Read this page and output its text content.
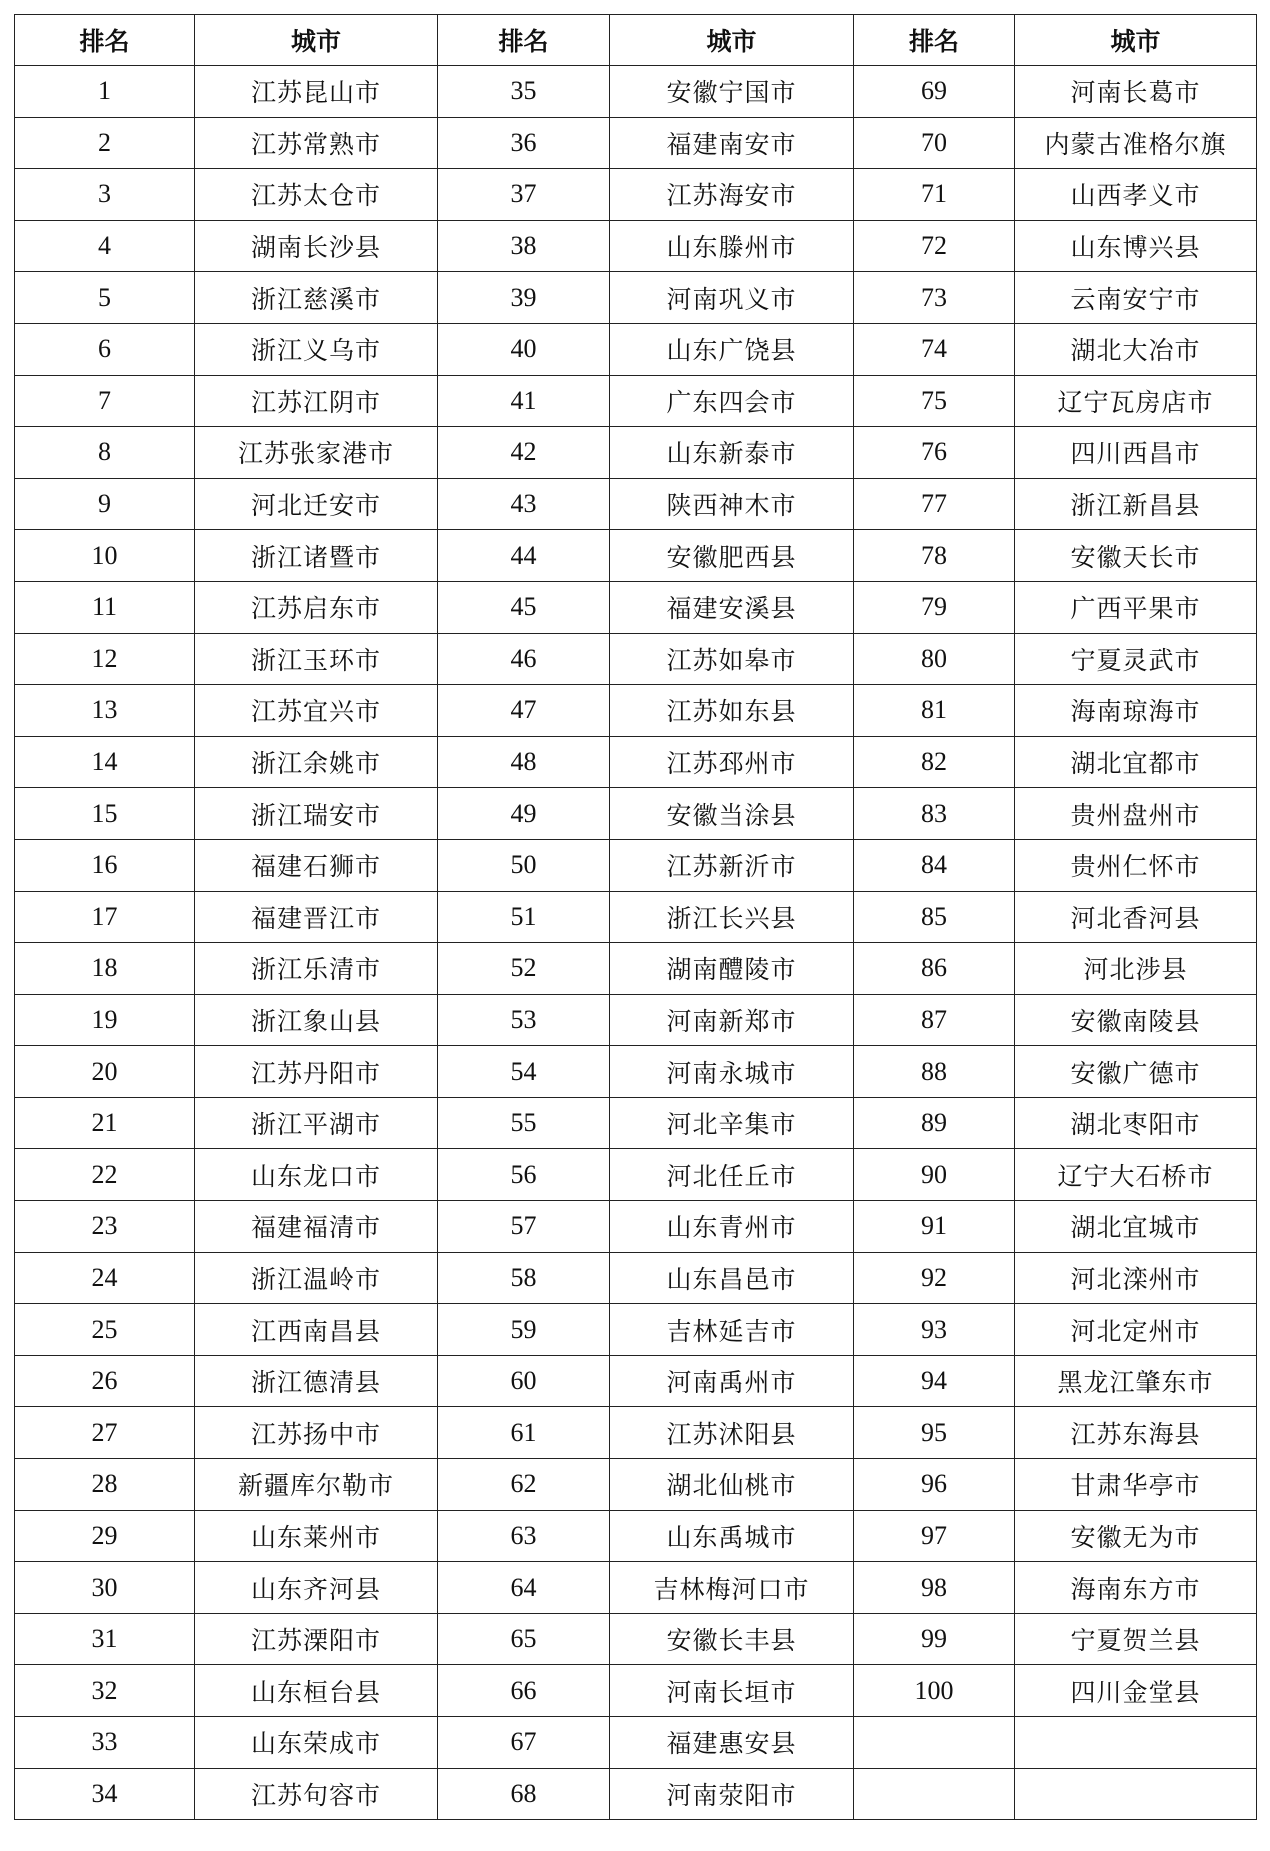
排名	城市	排名	城市	排名	城市
1	江苏昆山市	35	安徽宁国市	69	河南长葛市
2	江苏常熟市	36	福建南安市	70	内蒙古准格尔旗
3	江苏太仓市	37	江苏海安市	71	山西孝义市
4	湖南长沙县	38	山东滕州市	72	山东博兴县
5	浙江慈溪市	39	河南巩义市	73	云南安宁市
6	浙江义乌市	40	山东广饶县	74	湖北大冶市
7	江苏江阴市	41	广东四会市	75	辽宁瓦房店市
8	江苏张家港市	42	山东新泰市	76	四川西昌市
9	河北迁安市	43	陕西神木市	77	浙江新昌县
10	浙江诸暨市	44	安徽肥西县	78	安徽天长市
11	江苏启东市	45	福建安溪县	79	广西平果市
12	浙江玉环市	46	江苏如皋市	80	宁夏灵武市
13	江苏宜兴市	47	江苏如东县	81	海南琼海市
14	浙江余姚市	48	江苏邳州市	82	湖北宜都市
15	浙江瑞安市	49	安徽当涂县	83	贵州盘州市
16	福建石狮市	50	江苏新沂市	84	贵州仁怀市
17	福建晋江市	51	浙江长兴县	85	河北香河县
18	浙江乐清市	52	湖南醴陵市	86	河北涉县
19	浙江象山县	53	河南新郑市	87	安徽南陵县
20	江苏丹阳市	54	河南永城市	88	安徽广德市
21	浙江平湖市	55	河北辛集市	89	湖北枣阳市
22	山东龙口市	56	河北任丘市	90	辽宁大石桥市
23	福建福清市	57	山东青州市	91	湖北宜城市
24	浙江温岭市	58	山东昌邑市	92	河北滦州市
25	江西南昌县	59	吉林延吉市	93	河北定州市
26	浙江德清县	60	河南禹州市	94	黑龙江肇东市
27	江苏扬中市	61	江苏沭阳县	95	江苏东海县
28	新疆库尔勒市	62	湖北仙桃市	96	甘肃华亭市
29	山东莱州市	63	山东禹城市	97	安徽无为市
30	山东齐河县	64	吉林梅河口市	98	海南东方市
31	江苏溧阳市	65	安徽长丰县	99	宁夏贺兰县
32	山东桓台县	66	河南长垣市	100	四川金堂县
33	山东荣成市	67	福建惠安县		
34	江苏句容市	68	河南荥阳市		
